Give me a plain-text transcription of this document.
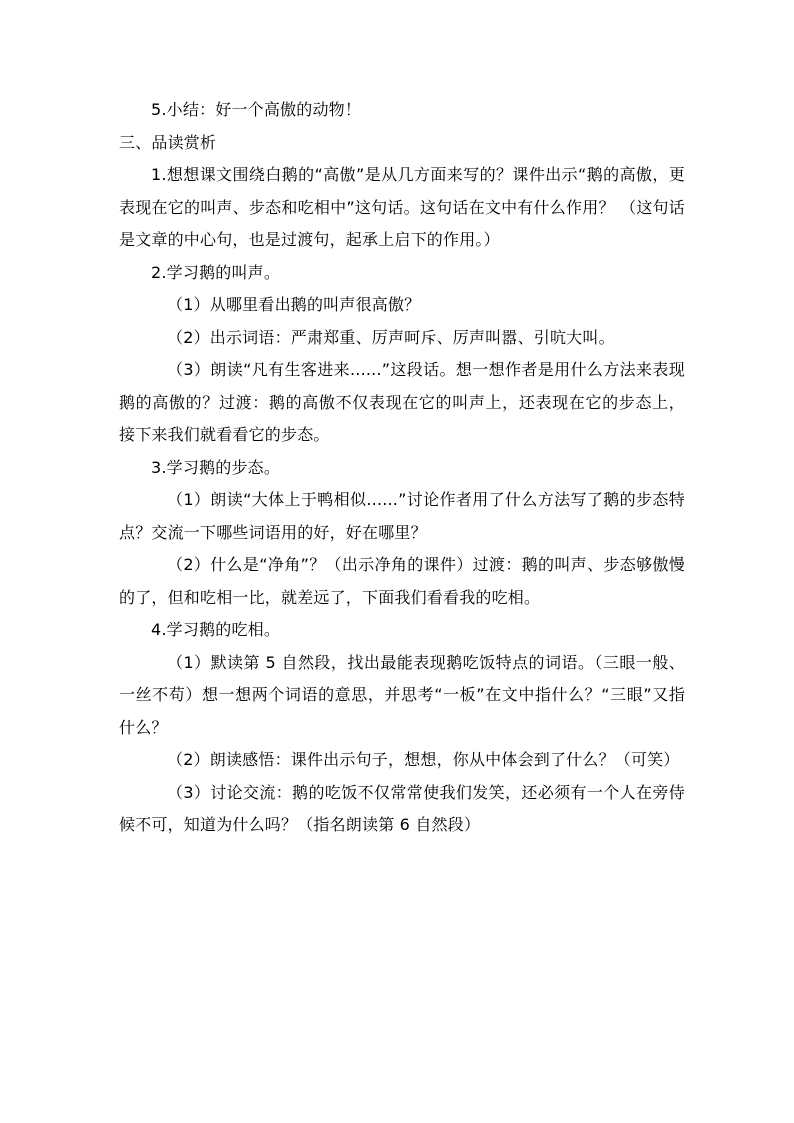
5.小结：好一个高傲的动物！

三、品读赏析

1.想想课文围绕白鹅的“高傲”是从几方面来写的？课件出示“鹅的高傲，更表现在它的叫声、步态和吃相中”这句话。这句话在文中有什么作用？ （这句话是文章的中心句，也是过渡句，起承上启下的作用。）

2.学习鹅的叫声。

（1）从哪里看出鹅的叫声很高傲？

（2）出示词语：严肃郑重、厉声呵斥、厉声叫嚣、引吭大叫。

（3）朗读“凡有生客进来......”这段话。想一想作者是用什么方法来表现鹅的高傲的？过渡：鹅的高傲不仅表现在它的叫声上，还表现在它的步态上，接下来我们就看看它的步态。

3.学习鹅的步态。

（1）朗读“大体上于鸭相似......”讨论作者用了什么方法写了鹅的步态特点？交流一下哪些词语用的好，好在哪里？

（2）什么是“净角”？（出示净角的课件）过渡：鹅的叫声、步态够傲慢的了，但和吃相一比，就差远了，下面我们看看我的吃相。

4.学习鹅的吃相。

（1）默读第 5 自然段，找出最能表现鹅吃饭特点的词语。（三眼一般、一丝不苟）想一想两个词语的意思，并思考“一板”在文中指什么？“三眼”又指什么？

（2）朗读感悟：课件出示句子，想想，你从中体会到了什么？（可笑）

（3）讨论交流：鹅的吃饭不仅常常使我们发笑，还必须有一个人在旁侍候不可，知道为什么吗？（指名朗读第 6 自然段）
